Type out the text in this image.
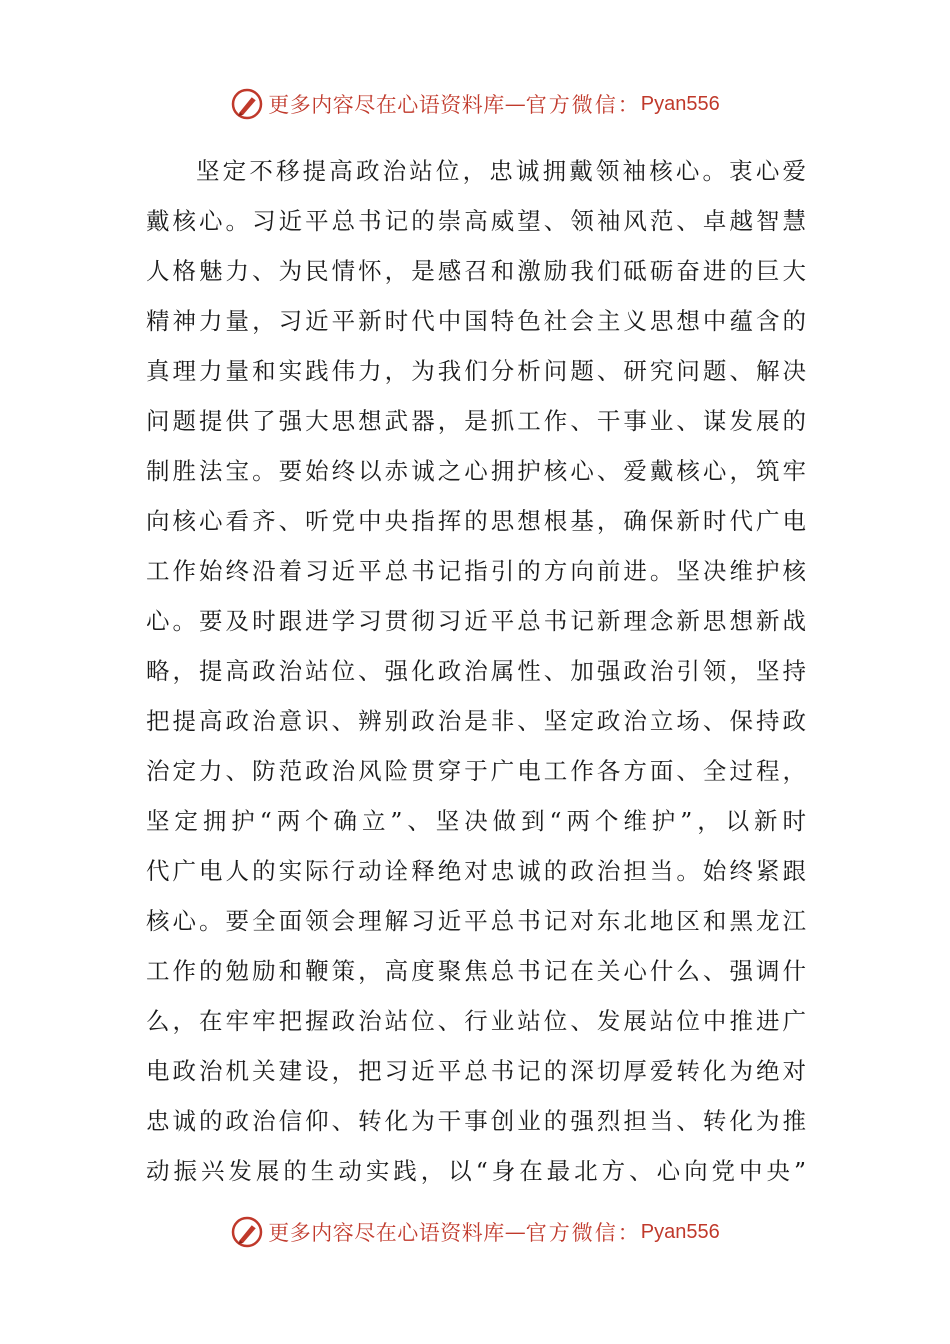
更多内容尽在心语资料库 — 官方微信： Pyan556
坚定不移提高政治站位，忠诚拥戴领袖核心。衷心爱
戴核心。习近平总书记的崇高威望、领袖风范、卓越智慧
人格魅力、为民情怀，是感召和激励我们砥砺奋进的巨大
精神力量，习近平新时代中国特色社会主义思想中蕴含的
真理力量和实践伟力，为我们分析问题、研究问题、解决
问题提供了强大思想武器，是抓工作、干事业、谋发展的
制胜法宝。要始终以赤诚之心拥护核心、爱戴核心，筑牢
向核心看齐、听党中央指挥的思想根基，确保新时代广电
工作始终沿着习近平总书记指引的方向前进。坚决维护核
心。要及时跟进学习贯彻习近平总书记新理念新思想新战
略，提高政治站位、强化政治属性、加强政治引领，坚持
把提高政治意识、辨别政治是非、坚定政治立场、保持政
治定力、防范政治风险贯穿于广电工作各方面、全过程，
坚定拥护“两个确立”、坚决做到“两个维护”，以新时
代广电人的实际行动诠释绝对忠诚的政治担当。始终紧跟
核心。要全面领会理解习近平总书记对东北地区和黑龙江
工作的勉励和鞭策，高度聚焦总书记在关心什么、强调什
么，在牢牢把握政治站位、行业站位、发展站位中推进广
电政治机关建设，把习近平总书记的深切厚爱转化为绝对
忠诚的政治信仰、转化为干事创业的强烈担当、转化为推
动振兴发展的生动实践，以“身在最北方、心向党中央”
更多内容尽在心语资料库 — 官方微信： Pyan556
